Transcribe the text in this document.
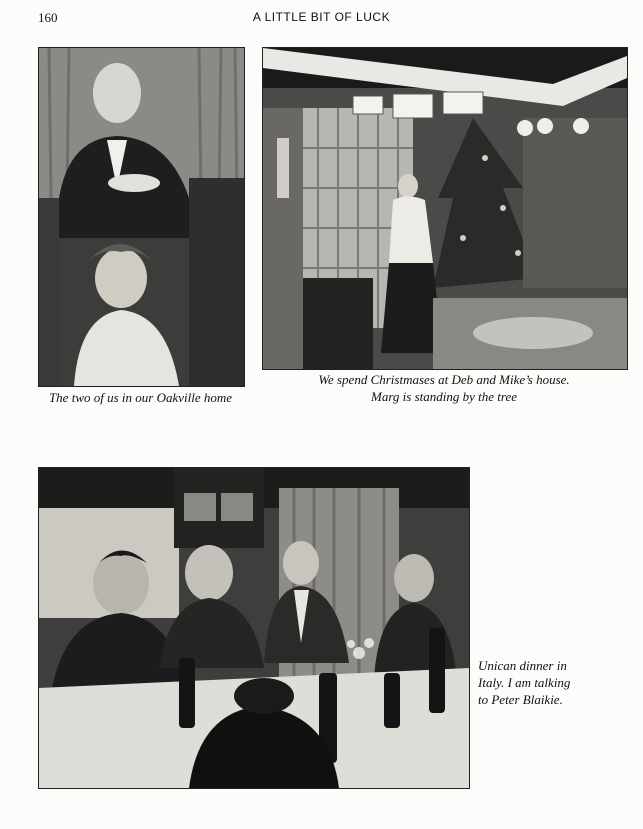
160	A LITTLE BIT OF LUCK
The two of us in our Oakville home
We spend Christmases at Deb and Mike’s house.
Marg is standing by the tree
Unican dinner in
Italy. I am talking
to Peter Blaikie.
